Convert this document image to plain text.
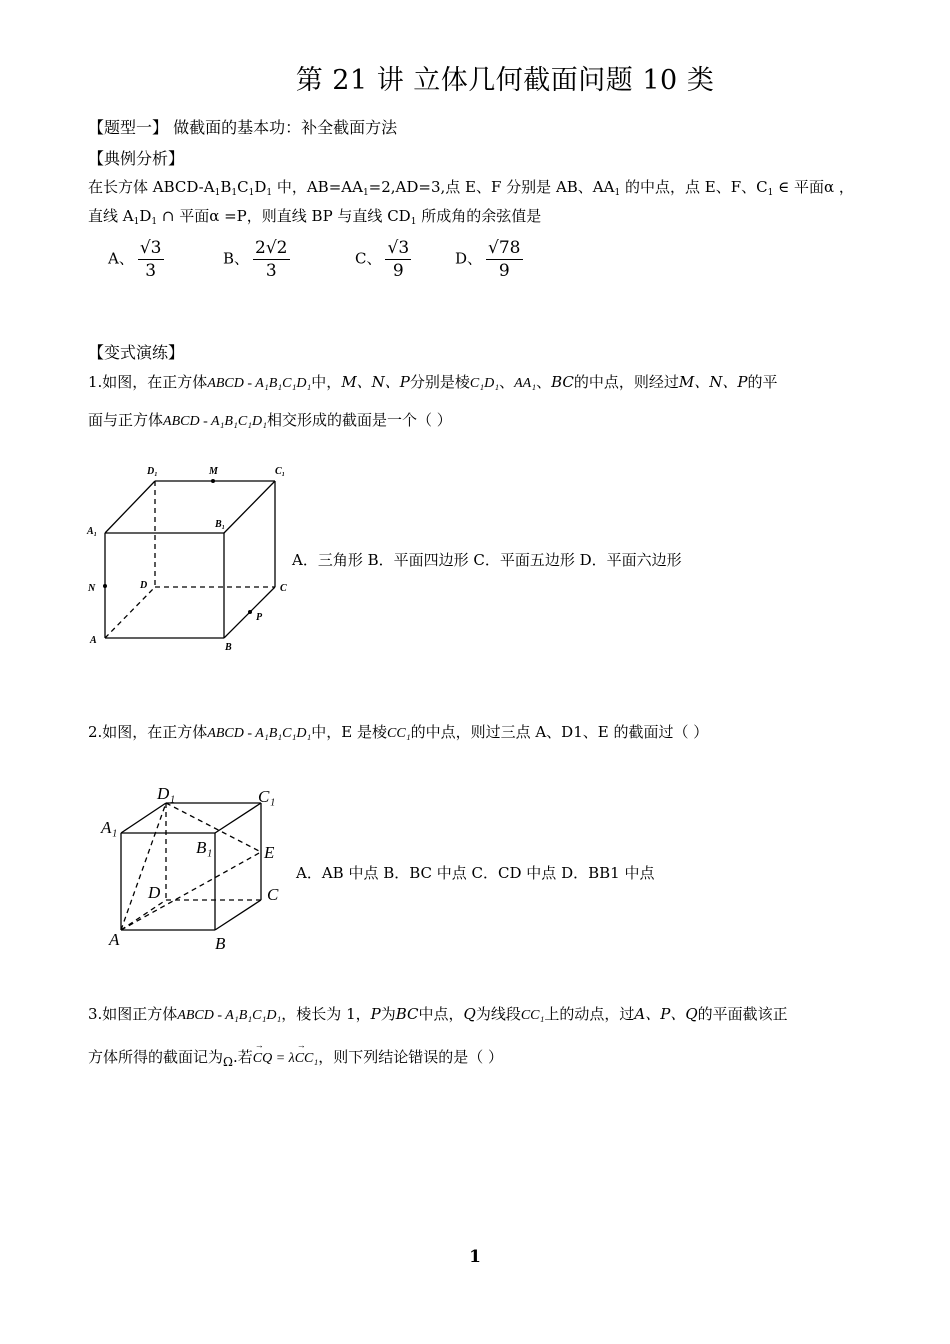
第 21 讲 立体几何截面问题 10 类
【题型一】 做截面的基本功：补全截面方法
【典例分析】
在长方体 ABCD-$A_1B_1C_1D_1$ 中，$AB=AA_1=2,AD=3$,点 E、F 分别是 AB、$AA_1$ 的中点，点 E、F、$C_1$ ∈ 平面α ，
直线 $A_1D_1$ ∩ 平面α =P，则直线 BP 与直线 $CD_1$ 所成角的余弦值是
A、 $\frac{√3}{3}$	B、 $\frac{2√2}{3}$	C、 $\frac{√3}{9}$	D、 $\frac{√78}{9}$
【变式演练】
1.如图，在正方体ABCD - A₁B₁C₁D₁中，M、N、P分别是棱C₁D₁、AA₁、BC的中点，则经过M、N、P的平
面与正方体ABCD - A₁B₁C₁D₁相交形成的截面是一个（ ）
D₁	M	C₁
A₁
B₁
N	D	C
P
A
B
A．三角形 B．平面四边形 C．平面五边形 D．平面六边形
2.如图，在正方体ABCD - A₁B₁C₁D₁中，E 是棱CC₁的中点，则过三点 A、D1、E 的截面过（ ）
D₁	C₁
A₁
B₁	E
D	C
A	B
A．AB 中点 B．BC 中点 C．CD 中点 D．BB1 中点
3.如图正方体ABCD - A₁B₁C₁D₁，棱长为 1，P为BC中点，Q为线段CC₁上的动点，过A、P、Q的平面截该正
方体所得的截面记为$_\Omega$.若→ CQ = λ→ CC₁，则下列结论错误的是（ ）
1
